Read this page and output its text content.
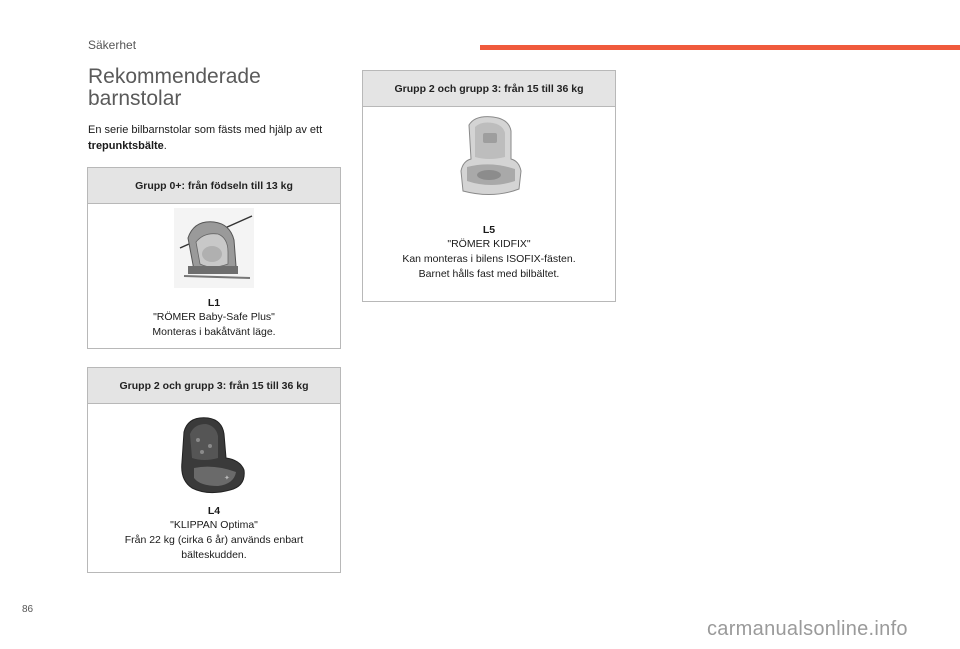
Säkerhet
Rekommenderade barnstolar

En serie bilbarnstolar som fästs med hjälp av ett trepunktsbälte.

Grupp 0+: från födseln till 13 kg
L1
"RÖMER Baby-Safe Plus"
Monteras i bakåtvänt läge.
Grupp 2 och grupp 3: från 15 till 36 kg
✦
L4
"KLIPPAN Optima"
Från 22 kg (cirka 6 år) används enbart
bälteskudden.
Grupp 2 och grupp 3: från 15 till 36 kg
L5
"RÖMER KIDFIX"
Kan monteras i bilens ISOFIX-fästen.
Barnet hålls fast med bilbältet.
86
carmanualsonline.info
